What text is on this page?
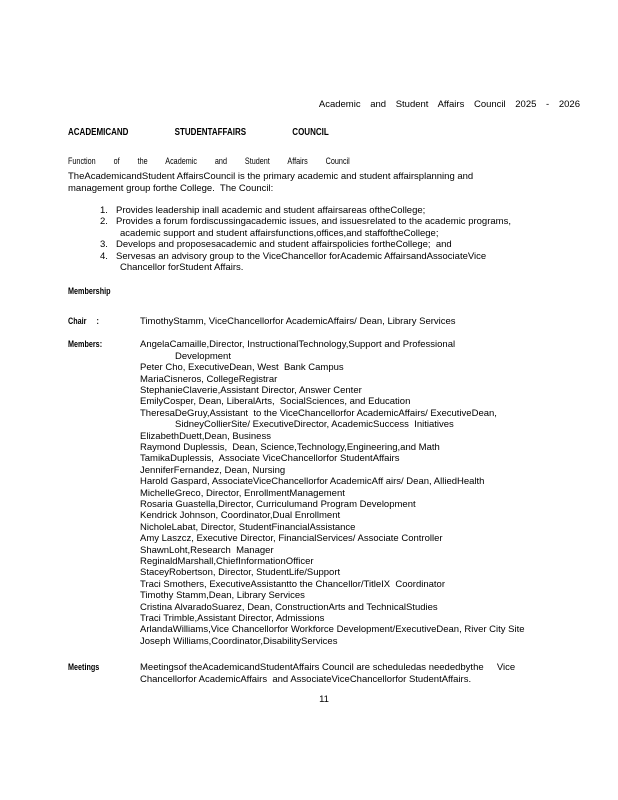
Academic and Student Affairs Council 2025 - 2026
ACADEMICAND STUDENTAFFAIRS COUNCIL
Function of the Academic and Student Affairs Council
TheAcademicandStudent AffairsCouncil is the primary academic and student affairsplanning and
management group forthe College.  The Council:
1. Provides leadership inall academic and student affairsareas oftheCollege;
2. Provides a forum fordiscussingacademic issues, and issuesrelated to the academic programs,
academic support and student affairsfunctions,offices,and staffoftheCollege;
3. Develops and proposesacademic and student affairspolicies fortheCollege;  and
4. Servesas an advisory group to the ViceChancellor forAcademic AffairsandAssociateVice
Chancellor forStudent Affairs.
Membership
Chair     :	TimothyStamm, ViceChancellorfor AcademicAffairs/ Dean, Library Services
Members:	AngelaCamaille,Director, InstructionalTechnology,Support and Professional
Development
Peter Cho, ExecutiveDean, West  Bank Campus
MariaCisneros, CollegeRegistrar
StephanieClaverie,Assistant Director, Answer Center
EmilyCosper, Dean, LiberalArts,  SocialSciences, and Education
TheresaDeGruy,Assistant  to the ViceChancellorfor AcademicAffairs/ ExecutiveDean,
SidneyCollierSite/ ExecutiveDirector, AcademicSuccess  Initiatives
ElizabethDuett,Dean, Business
Raymond Duplessis,  Dean, Science,Technology,Engineering,and Math
TamikaDuplessis,  Associate ViceChancellorfor StudentAffairs
JenniferFernandez, Dean, Nursing
Harold Gaspard, AssociateViceChancellorfor AcademicAff airs/ Dean, AlliedHealth
MichelleGreco, Director, EnrollmentManagement
Rosaria Guastella,Director, Curriculumand Program Development
Kendrick Johnson, Coordinator,Dual Enrollment
NicholeLabat, Director, StudentFinancialAssistance
Amy Laszcz, Executive Director, FinancialServices/ Associate Controller
ShawnLoht,Research  Manager
ReginaldMarshall,ChiefInformationOfficer
StaceyRobertson, Director, StudentLife/Support
Traci Smothers, ExecutiveAssistantto the Chancellor/TitleIX  Coordinator
Timothy Stamm,Dean, Library Services
Cristina AlvaradoSuarez, Dean, ConstructionArts and TechnicalStudies
Traci Trimble,Assistant Director, Admissions
ArlandaWilliams,Vice Chancellorfor Workforce Development/ExecutiveDean, River City Site
Joseph Williams,Coordinator,DisabilityServices
Meetings	Meetingsof theAcademicandStudentAffairs Council are scheduledas neededbythe     Vice
Chancellorfor AcademicAffairs  and AssociateViceChancellorfor StudentAffairs.
11
